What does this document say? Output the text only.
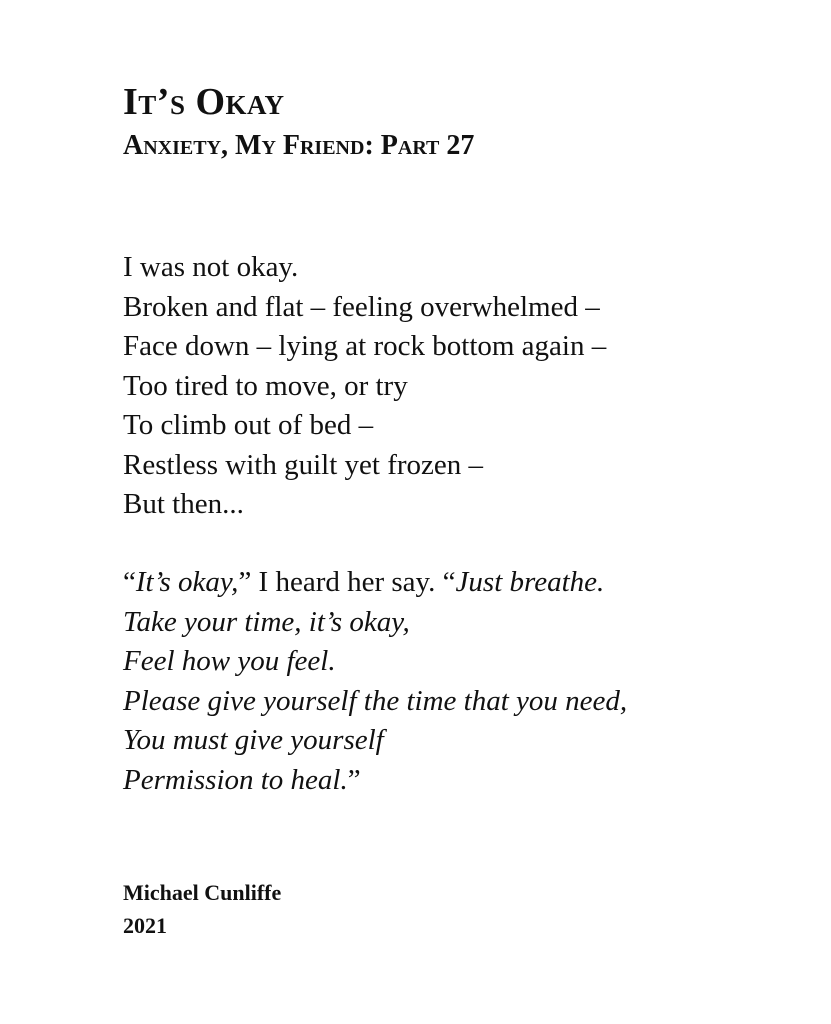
It’s Okay
Anxiety, My Friend: Part 27
I was not okay.
Broken and flat – feeling overwhelmed –
Face down – lying at rock bottom again –
Too tired to move, or try
To climb out of bed –
Restless with guilt yet frozen –
But then...
“It’s okay,” I heard her say. “Just breathe.
Take your time, it’s okay,
Feel how you feel.
Please give yourself the time that you need,
You must give yourself
Permission to heal.”
Michael Cunliffe
2021
